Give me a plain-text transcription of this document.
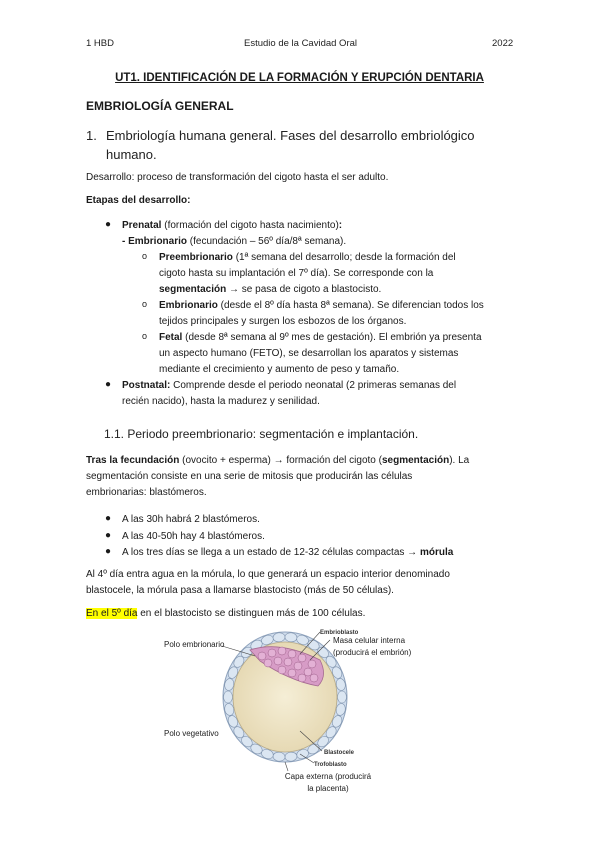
1 HBD	Estudio de la Cavidad Oral	2022
UT1. IDENTIFICACIÓN DE LA FORMACIÓN Y ERUPCIÓN DENTARIA
EMBRIOLOGÍA GENERAL
1. Embriología humana general. Fases del desarrollo embriológico humano.
Desarrollo: proceso de transformación del cigoto hasta el ser adulto.
Etapas del desarrollo:
● Prenatal (formación del cigoto hasta nacimiento):
- Embrionario (fecundación – 56º día/8ª semana).
o Preembrionario (1ª semana del desarrollo; desde la formación del
cigoto hasta su implantación el 7º día). Se corresponde con la
segmentación → se pasa de cigoto a blastocisto.
o Embrionario (desde el 8º día hasta 8ª semana). Se diferencian todos los
tejidos principales y surgen los esbozos de los órganos.
o Fetal (desde 8ª semana al 9º mes de gestación). El embrión ya presenta
un aspecto humano (FETO), se desarrollan los aparatos y sistemas
mediante el crecimiento y aumento de peso y tamaño.
● Postnatal: Comprende desde el periodo neonatal (2 primeras semanas del
recién nacido), hasta la madurez y senilidad.
1.1. Periodo preembrionario: segmentación e implantación.
Tras la fecundación (ovocito + esperma) → formación del cigoto (segmentación). La
segmentación consiste en una serie de mitosis que producirán las células
embrionarias: blastómeros.
● A las 30h habrá 2 blastómeros.
● A las 40-50h hay 4 blastómeros.
● A los tres días se llega a un estado de 12-32 células compactas → mórula
Al 4º día entra agua en la mórula, lo que generará un espacio interior denominado
blastocele, la mórula pasa a llamarse blastocisto (más de 50 células).
En el 5º día en el blastocisto se distinguen más de 100 células.
Polo embrionario
Embrioblasto
Masa celular interna
(producirá el embrión)
Polo vegetativo
Blastocele
Trofoblasto
Capa externa (producirá
la placenta)
